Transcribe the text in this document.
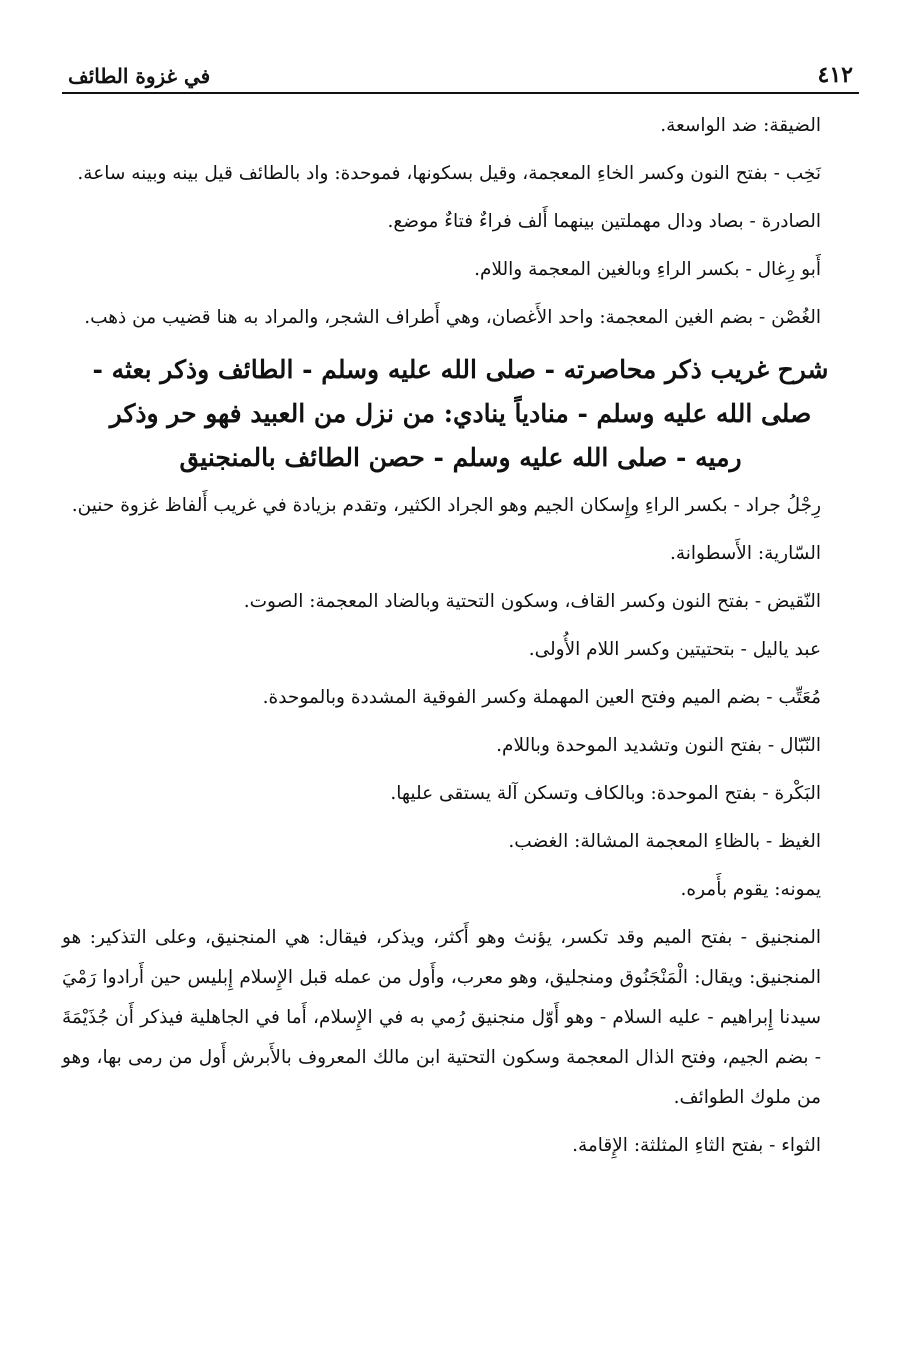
٤١٢
في غزوة الطائف

الضيقة: ضد الواسعة.

نَخِب - بفتح النون وكسر الخاءِ المعجمة، وقيل بسكونها، فموحدة: واد بالطائف قيل بينه وبينه ساعة.

الصادرة - بصاد ودال مهملتين بينهما أَلف فراءٌ فتاءٌ موضع.

أَبو رِغال - بكسر الراءِ وبالغين المعجمة واللام.

الغُصْن - بضم الغين المعجمة: واحد الأَغصان، وهي أَطراف الشجر، والمراد به هنا قضيب من ذهب.

شرح غريب ذكر محاصرته - صلى الله عليه وسلم - الطائف وذكر بعثه - صلى الله عليه وسلم - منادياً ينادي: من نزل من العبيد فهو حر وذكر رميه - صلى الله عليه وسلم - حصن الطائف بالمنجنيق

رِجْلُ جراد - بكسر الراءِ وإِسكان الجيم وهو الجراد الكثير، وتقدم بزيادة في غريب أَلفاظ غزوة حنين.

السّارية: الأَسطوانة.

النّقيض - بفتح النون وكسر القاف، وسكون التحتية وبالضاد المعجمة: الصوت.

عبد ياليل - بتحتيتين وكسر اللام الأُولى.

مُعَتِّب - بضم الميم وفتح العين المهملة وكسر الفوقية المشددة وبالموحدة.

النّبّال - بفتح النون وتشديد الموحدة وباللام.

البَكْرة - بفتح الموحدة: وبالكاف وتسكن آلة يستقى عليها.

الغيظ - بالظاءِ المعجمة المشالة: الغضب.

يمونه: يقوم بأَمره.

المنجنيق - بفتح الميم وقد تكسر، يؤنث وهو أَكثر، ويذكر، فيقال: هي المنجنيق، وعلى التذكير: هو المنجنيق: ويقال: الْمَنْجَنُوق ومنجليق، وهو معرب، وأَول من عمله قبل الإِسلام إِبليس حين أَرادوا رَمْيَ سيدنا إِبراهيم - عليه السلام - وهو أَوّل منجنيق رُمي به في الإِسلام، أَما في الجاهلية فيذكر أَن جُذَيْمَةَ - بضم الجيم، وفتح الذال المعجمة وسكون التحتية ابن مالك المعروف بالأَبرش أَول من رمى بها، وهو من ملوك الطوائف.

الثواء - بفتح الثاءِ المثلثة: الإِقامة.
